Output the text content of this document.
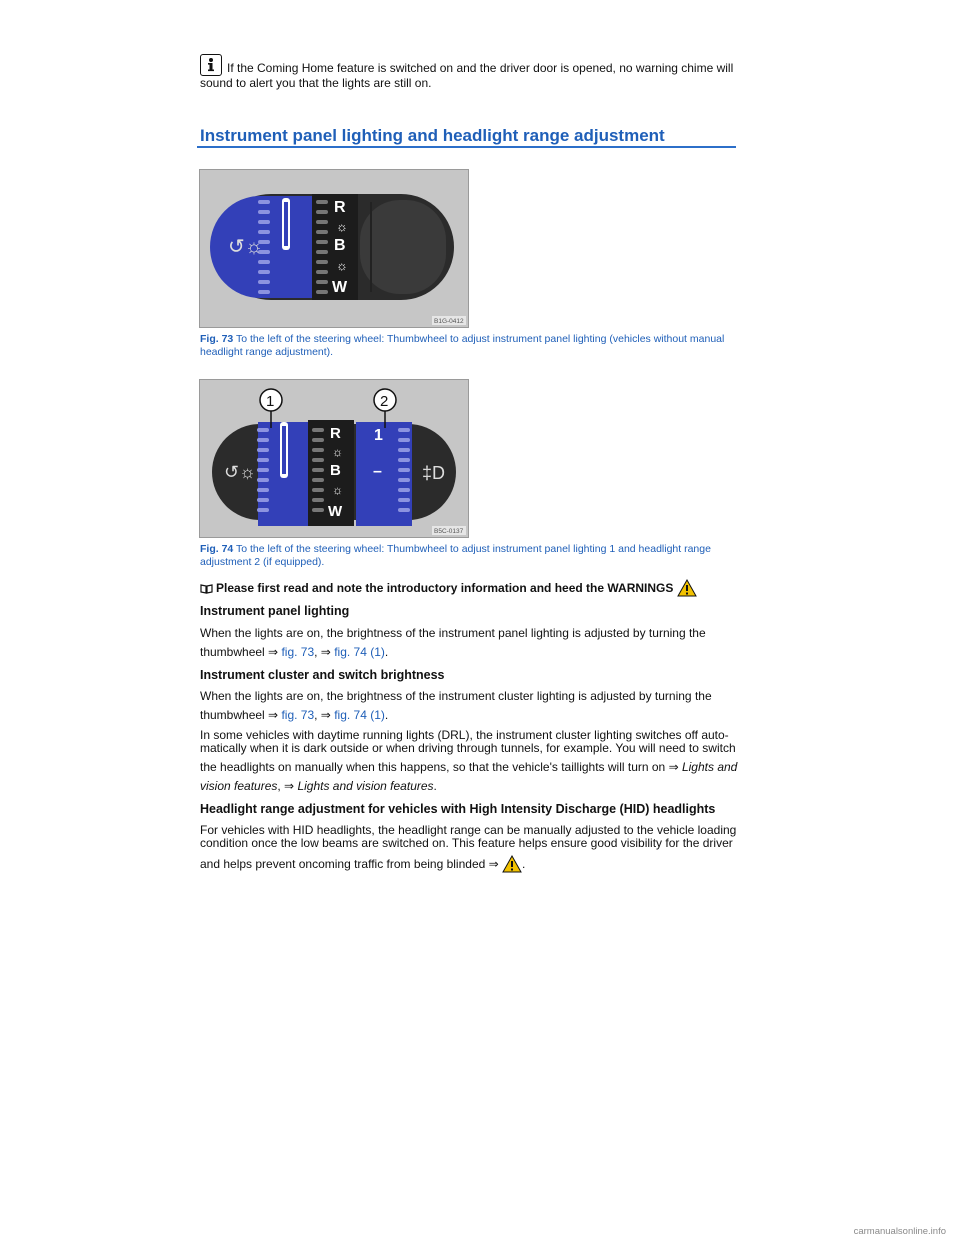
If the Coming Home feature is switched on and the driver door is opened, no warning chime will sound to alert you that the lights are still on.
Instrument panel lighting and headlight range adjustment
↺☼
R
☼
B
☼
W
B1G-0412
Fig. 73 To the left of the steering wheel: Thumbwheel to adjust instrument panel lighting (vehicles without manual headlight range adjustment).
↺☼
R
☼
B
☼
W
1
– ‡D
1	2
B5C-0137
Fig. 74 To the left of the steering wheel: Thumbwheel to adjust instrument panel lighting 1 and headlight range adjustment 2 (if equipped).
Please first read and note the introductory information and heed the WARNINGS
Instrument panel lighting
When the lights are on, the brightness of the instrument panel lighting is adjusted by turning the
thumbwheel ⇒ fig. 73, ⇒ fig. 74 (1).
Instrument cluster and switch brightness
When the lights are on, the brightness of the instrument cluster lighting is adjusted by turning the
thumbwheel ⇒ fig. 73, ⇒ fig. 74 (1).
In some vehicles with daytime running lights (DRL), the instrument cluster lighting switches off auto-
matically when it is dark outside or when driving through tunnels, for example. You will need to switch
the headlights on manually when this happens, so that the vehicle's taillights will turn on ⇒ Lights and
vision features, ⇒ Lights and vision features.
Headlight range adjustment for vehicles with High Intensity Discharge (HID) headlights
For vehicles with HID headlights, the headlight range can be manually adjusted to the vehicle loading
condition once the low beams are switched on. This feature helps ensure good visibility for the driver
and helps prevent oncoming traffic from being blinded ⇒ .
carmanualsonline.info
